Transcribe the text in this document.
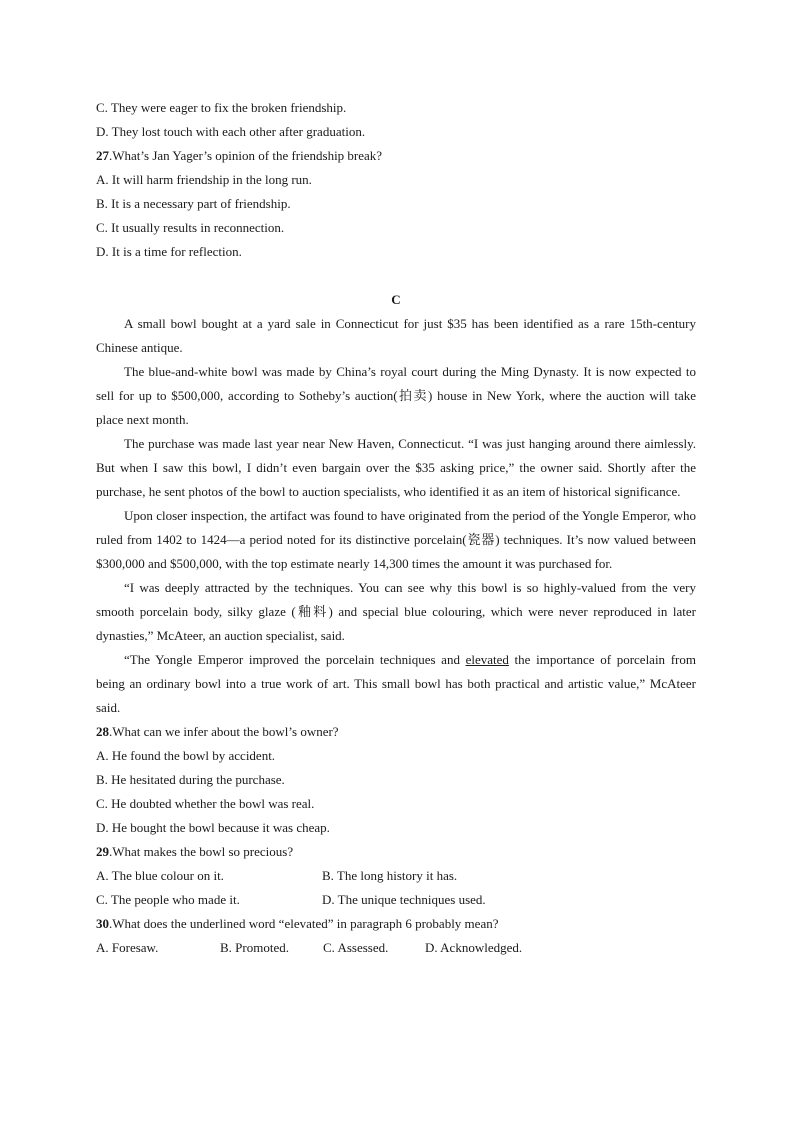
C. They were eager to fix the broken friendship.
D. They lost touch with each other after graduation.
27.What’s Jan Yager’s opinion of the friendship break?
A. It will harm friendship in the long run.
B. It is a necessary part of friendship.
C. It usually results in reconnection.
D. It is a time for reflection.
C
A small bowl bought at a yard sale in Connecticut for just $35 has been identified as a rare 15th-century Chinese antique.
The blue-and-white bowl was made by China’s royal court during the Ming Dynasty. It is now expected to sell for up to $500,000, according to Sotheby’s auction(拍卖) house in New York, where the auction will take place next month.
The purchase was made last year near New Haven, Connecticut. “I was just hanging around there aimlessly. But when I saw this bowl, I didn’t even bargain over the $35 asking price,” the owner said. Shortly after the purchase, he sent photos of the bowl to auction specialists, who identified it as an item of historical significance.
Upon closer inspection, the artifact was found to have originated from the period of the Yongle Emperor, who ruled from 1402 to 1424—a period noted for its distinctive porcelain(瓷器) techniques. It’s now valued between $300,000 and $500,000, with the top estimate nearly 14,300 times the amount it was purchased for.
“I was deeply attracted by the techniques. You can see why this bowl is so highly-valued from the very smooth porcelain body, silky glaze (釉料) and special blue colouring, which were never reproduced in later dynasties,” McAteer, an auction specialist, said.
“The Yongle Emperor improved the porcelain techniques and elevated the importance of porcelain from being an ordinary bowl into a true work of art. This small bowl has both practical and artistic value,” McAteer said.
28.What can we infer about the bowl’s owner?
A. He found the bowl by accident.
B. He hesitated during the purchase.
C. He doubted whether the bowl was real.
D. He bought the bowl because it was cheap.
29.What makes the bowl so precious?
A. The blue colour on it.	B. The long history it has.
C. The people who made it.	D. The unique techniques used.
30.What does the underlined word “elevated” in paragraph 6 probably mean?
A. Foresaw.	B. Promoted.	C. Assessed.	D. Acknowledged.
